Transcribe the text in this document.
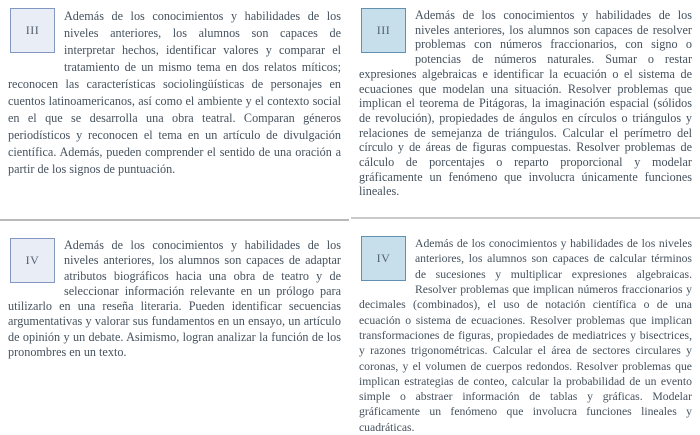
III

Además de los conocimientos y habilidades de los niveles anteriores, los alumnos son capaces de interpretar hechos, identificar valores y comparar el tratamiento de un mismo tema en dos relatos míticos; reconocen las características sociolingüísticas de personajes en cuentos latinoamericanos, así como el ambiente y el contexto social en el que se desarrolla una obra teatral. Comparan géneros periodísticos y reconocen el tema en un artículo de divulgación científica. Además, pueden comprender el sentido de una oración a partir de los signos de puntuación.

IV

Además de los conocimientos y habilidades de los niveles anteriores, los alumnos son capaces de adaptar atributos biográficos hacia una obra de teatro y de seleccionar información relevante en un prólogo para utilizarlo en una reseña literaria. Pueden identificar secuencias argumentativas y valorar sus fundamentos en un ensayo, un artículo de opinión y un debate. Asimismo, logran analizar la función de los pronombres en un texto.

III

Además de los conocimientos y habilidades de los niveles anteriores, los alumnos son capaces de resolver problemas con números fraccionarios, con signo o potencias de números naturales. Sumar o restar expresiones algebraicas e identificar la ecuación o el sistema de ecuaciones que modelan una situación. Resolver problemas que implican el teorema de Pitágoras, la imaginación espacial (sólidos de revolución), propiedades de ángulos en círculos o triángulos y relaciones de semejanza de triángulos. Calcular el perímetro del círculo y de áreas de figuras compuestas. Resolver problemas de cálculo de porcentajes o reparto proporcional y modelar gráficamente un fenómeno que involucra únicamente funciones lineales.

IV

Además de los conocimientos y habilidades de los niveles anteriores, los alumnos son capaces de calcular términos de sucesiones y multiplicar expresiones algebraicas. Resolver problemas que implican números fraccionarios y decimales (combinados), el uso de notación científica o de una ecuación o sistema de ecuaciones. Resolver problemas que implican transformaciones de figuras, propiedades de mediatrices y bisectrices, y razones trigonométricas. Calcular el área de sectores circulares y coronas, y el volumen de cuerpos redondos. Resolver problemas que implican estrategias de conteo, calcular la probabilidad de un evento simple o abstraer información de tablas y gráficas. Modelar gráficamente un fenómeno que involucra funciones lineales y cuadráticas.
